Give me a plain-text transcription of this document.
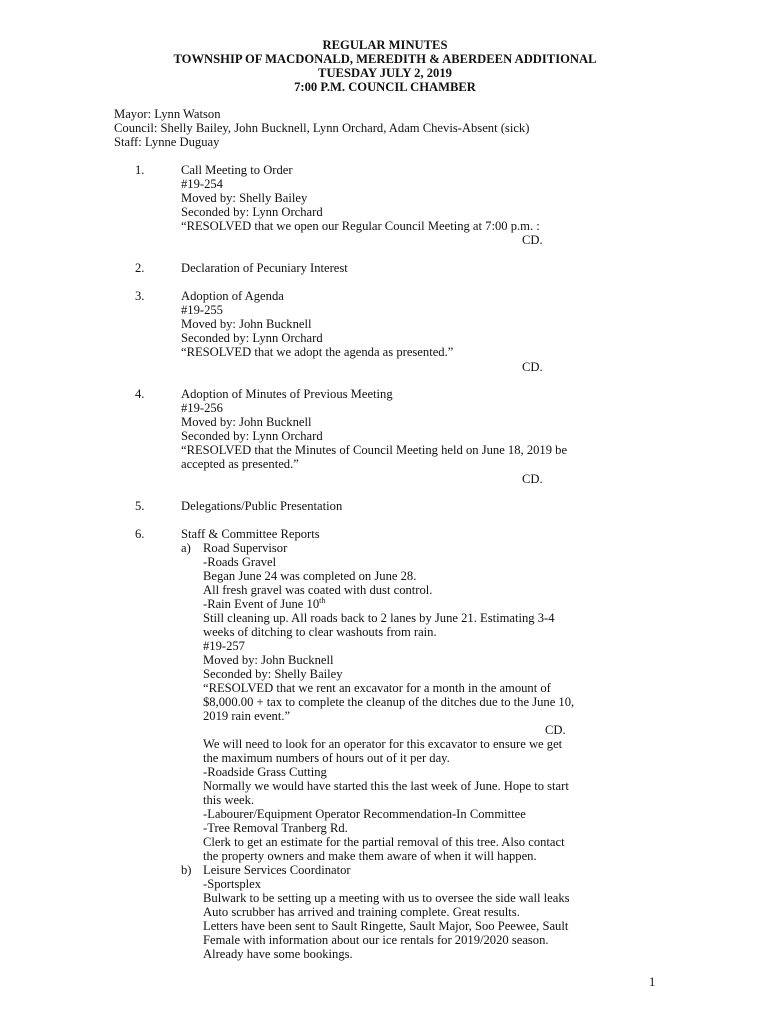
REGULAR MINUTES
TOWNSHIP OF MACDONALD, MEREDITH & ABERDEEN ADDITIONAL
TUESDAY JULY 2, 2019
7:00 P.M. COUNCIL CHAMBER
Mayor: Lynn Watson
Council: Shelly Bailey, John Bucknell, Lynn Orchard, Adam Chevis-Absent (sick)
Staff: Lynne Duguay
1.	Call Meeting to Order
#19-254
Moved by: Shelly Bailey
Seconded by: Lynn Orchard
“RESOLVED that we open our Regular Council Meeting at 7:00 p.m. :
CD.
2.	Declaration of Pecuniary Interest
3.	Adoption of Agenda
#19-255
Moved by: John Bucknell
Seconded by: Lynn Orchard
“RESOLVED that we adopt the agenda as presented.”
CD.
4.	Adoption of Minutes of Previous Meeting
#19-256
Moved by: John Bucknell
Seconded by: Lynn Orchard
“RESOLVED that the Minutes of Council Meeting held on June 18, 2019 be
accepted as presented.”
CD.
5.	Delegations/Public Presentation
6.	Staff & Committee Reports
a) Road Supervisor
-Roads Gravel
Began June 24 was completed on June 28.
All fresh gravel was coated with dust control.
-Rain Event of June 10th
Still cleaning up. All roads back to 2 lanes by June 21. Estimating 3-4
weeks of ditching to clear washouts from rain.
#19-257
Moved by: John Bucknell
Seconded by: Shelly Bailey
“RESOLVED that we rent an excavator for a month in the amount of
$8,000.00 + tax to complete the cleanup of the ditches due to the June 10,
2019 rain event.”
CD.
We will need to look for an operator for this excavator to ensure we get
the maximum numbers of hours out of it per day.
-Roadside Grass Cutting
Normally we would have started this the last week of June. Hope to start
this week.
-Labourer/Equipment Operator Recommendation-In Committee
-Tree Removal Tranberg Rd.
Clerk to get an estimate for the partial removal of this tree. Also contact
the property owners and make them aware of when it will happen.
b) Leisure Services Coordinator
-Sportsplex
Bulwark to be setting up a meeting with us to oversee the side wall leaks
Auto scrubber has arrived and training complete. Great results.
Letters have been sent to Sault Ringette, Sault Major, Soo Peewee, Sault
Female with information about our ice rentals for 2019/2020 season.
Already have some bookings.
1
